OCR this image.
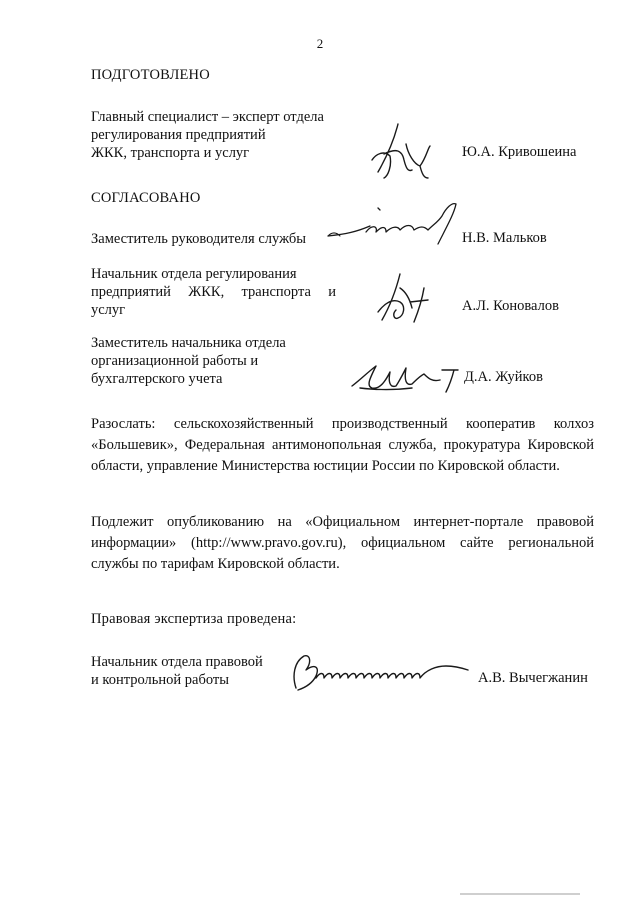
2
ПОДГОТОВЛЕНО
Главный специалист – эксперт отдела
регулирования предприятий
ЖКК, транспорта и услуг	Ю.А. Кривошеина
СОГЛАСОВАНО
Заместитель руководителя службы	Н.В. Мальков
Начальник отдела регулирования
предприятий ЖКК, транспорта и
услуг	А.Л. Коновалов
Заместитель начальника отдела
организационной работы и
бухгалтерского учета	Д.А. Жуйков
Разослать: сельскохозяйственный производственный кооператив колхоз «Большевик», Федеральная антимонопольная служба, прокуратура Кировской области, управление Министерства юстиции России по Кировской области.
Подлежит опубликованию на «Официальном интернет-портале правовой информации» (http://www.pravo.gov.ru), официальном сайте региональной службы по тарифам Кировской области.
Правовая экспертиза проведена:
Начальник отдела правовой
и контрольной работы	А.В. Вычегжанин
